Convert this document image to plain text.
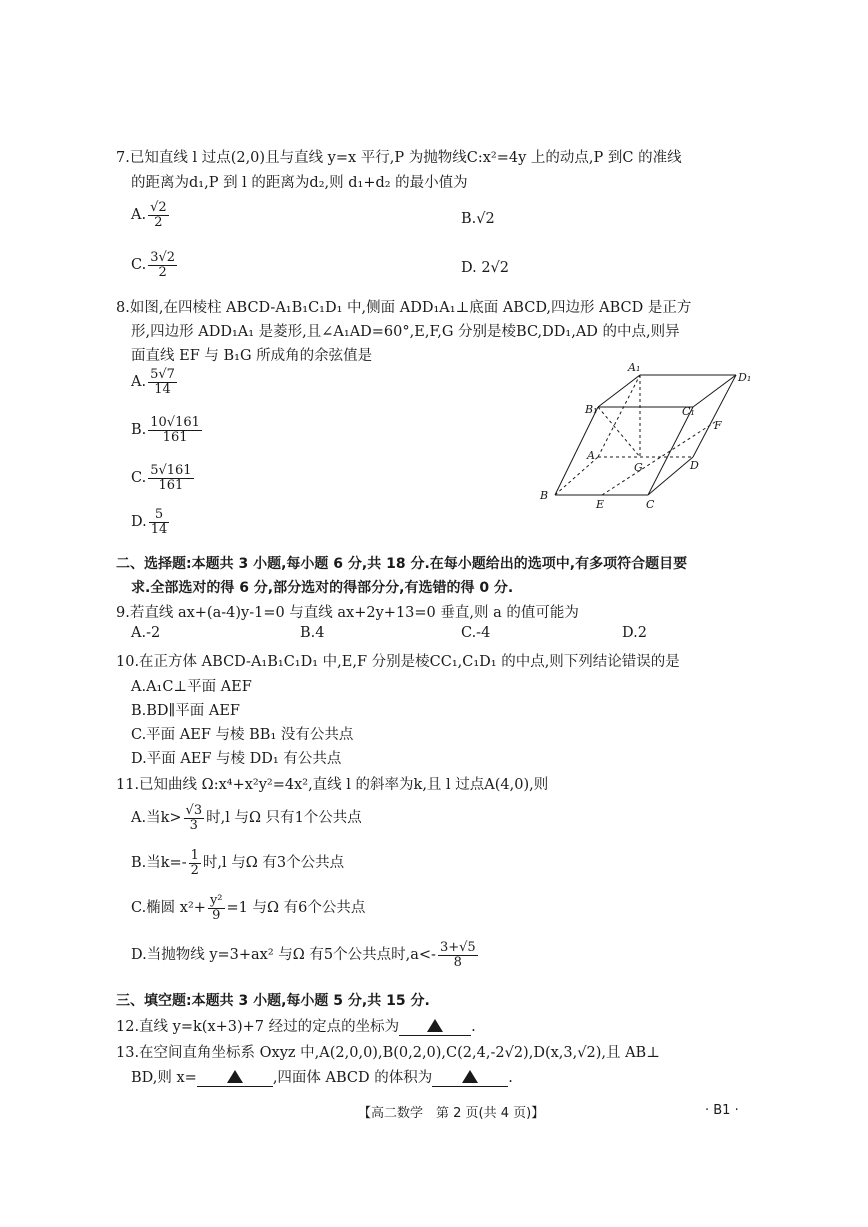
7.已知直线 l 过点(2,0)且与直线 y=x 平行,P 为抛物线C:x²=4y 上的动点,P 到C 的准线
的距离为d₁,P 到 l 的距离为d₂,则 d₁+d₂ 的最小值为
A. $\frac{√2}{2}$	B.√2
C. $\frac{3√2}{2}$	D. 2√2
8.如图,在四棱柱 ABCD-A₁B₁C₁D₁ 中,侧面 ADD₁A₁⊥底面 ABCD,四边形 ABCD 是正方
形,四边形 ADD₁A₁ 是菱形,且∠A₁AD=60°,E,F,G 分别是棱BC,DD₁,AD 的中点,则异
面直线 EF 与 B₁G 所成角的余弦值是
A. $\frac{5√7}{14}$
B. $\frac{10√161}{161}$
C. $\frac{5√161}{161}$
D. $\frac{5}{14}$
A₁
D₁
B₁	C₁
F
A
G	D
B
E	C
二、选择题:本题共 3 小题,每小题 6 分,共 18 分.在每小题给出的选项中,有多项符合题目要
求.全部选对的得 6 分,部分选对的得部分分,有选错的得 0 分.
9.若直线 ax+(a-4)y-1=0 与直线 ax+2y+13=0 垂直,则 a 的值可能为
A.-2	B.4	C.-4	D.2
10.在正方体 ABCD-A₁B₁C₁D₁ 中,E,F 分别是棱CC₁,C₁D₁ 的中点,则下列结论错误的是
A.A₁C⊥平面 AEF
B.BD∥平面 AEF
C.平面 AEF 与棱 BB₁ 没有公共点
D.平面 AEF 与棱 DD₁ 有公共点
11.已知曲线 Ω:x⁴+x²y²=4x²,直线 l 的斜率为k,且 l 过点A(4,0),则
A.当$k> \frac{√3}{3}$ 时,l 与Ω 只有1个公共点
B.当$k=- \frac{1}{2}$ 时,l 与Ω 有3个公共点
C.椭圆 $x^2+ \frac{\text{y²}}{9} =1$ 与Ω 有6个公共点
D.当抛物线 y=3+ax² 与Ω 有5个公共点时$,a<- \frac{3+√5}{8}$
三、填空题:本题共 3 小题,每小题 5 分,共 15 分.
12.直线 y=k(x+3)+7 经过的定点的坐标为	.
13.在空间直角坐标系 Oxyz 中,A(2,0,0),B(0,2,0),C(2,4,-2√2),D(x,3,√2),且 AB⊥
BD,则 x=	,四面体 ABCD 的体积为	.
【高二数学　第 2 页(共 4 页)】	· B1 ·
